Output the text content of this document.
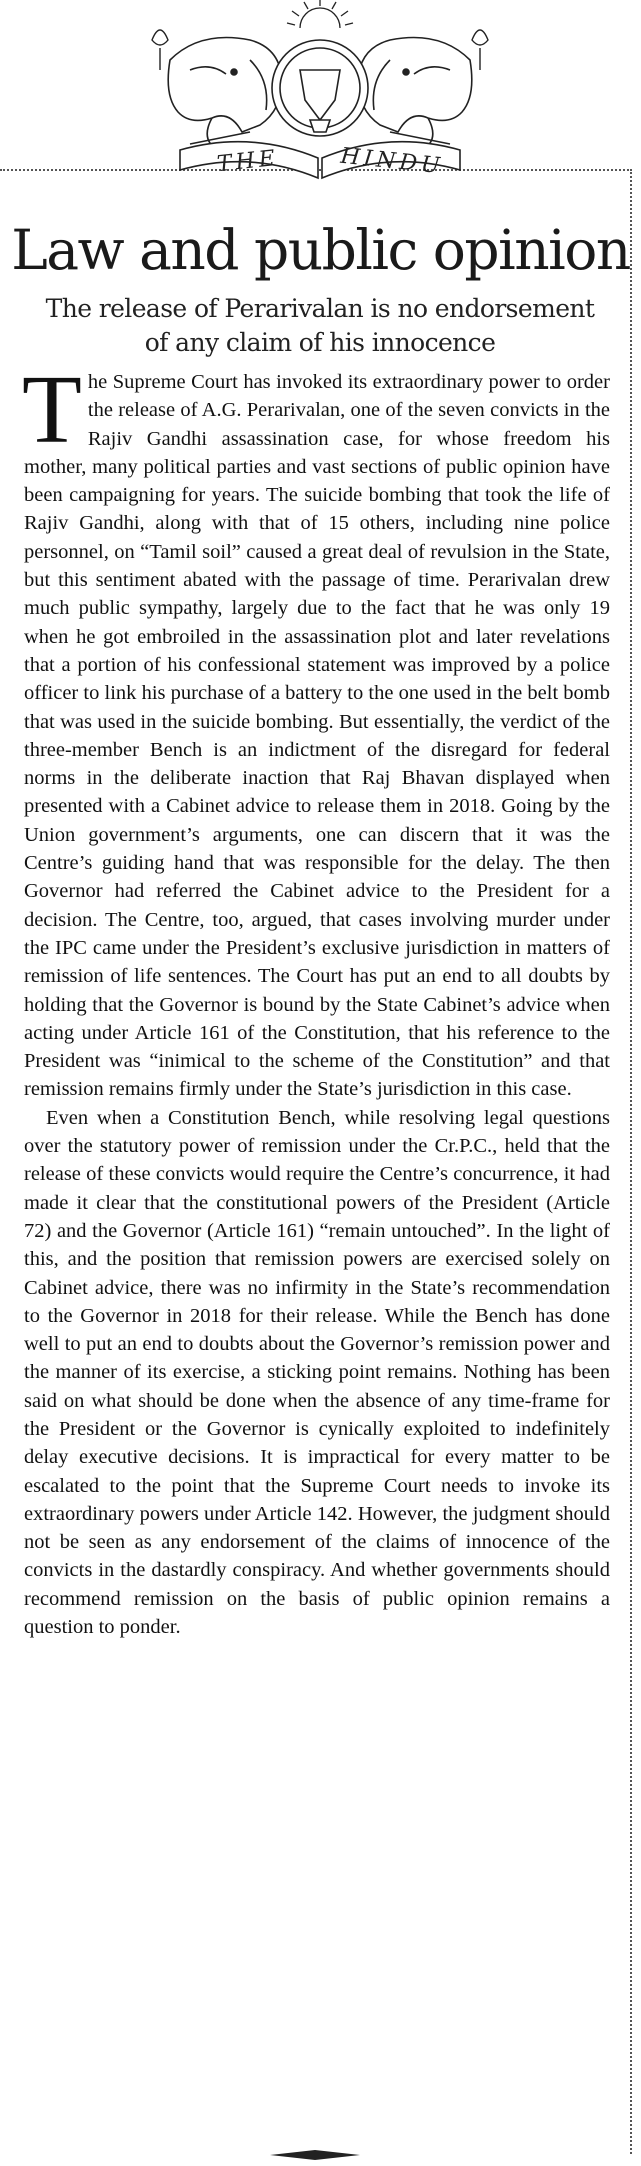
THE	HINDU
Law and public opinion

The release of Perarivalan is no endorsement of any claim of his innocence

The Supreme Court has invoked its extraordinary power to order the release of A.G. Perarivalan, one of the seven convicts in the Rajiv Gandhi assassination case, for whose freedom his mother, many political parties and vast sections of public opinion have been campaigning for years. The suicide bombing that took the life of Rajiv Gandhi, along with that of 15 others, including nine police personnel, on “Tamil soil” caused a great deal of revulsion in the State, but this sentiment abated with the passage of time. Perarivalan drew much public sympathy, largely due to the fact that he was only 19 when he got embroiled in the assassination plot and later revelations that a portion of his confessional statement was improved by a police officer to link his purchase of a battery to the one used in the belt bomb that was used in the suicide bombing. But essentially, the verdict of the three-member Bench is an indictment of the disregard for federal norms in the deliberate inaction that Raj Bhavan displayed when presented with a Cabinet advice to release them in 2018. Going by the Union government’s arguments, one can discern that it was the Centre’s guiding hand that was responsible for the delay. The then Governor had referred the Cabinet advice to the President for a decision. The Centre, too, argued, that cases involving murder under the IPC came under the President’s exclusive jurisdiction in matters of remission of life sentences. The Court has put an end to all doubts by holding that the Governor is bound by the State Cabinet’s advice when acting under Article 161 of the Constitution, that his reference to the President was “inimical to the scheme of the Constitution” and that remission remains firmly under the State’s jurisdiction in this case.

Even when a Constitution Bench, while resolving legal questions over the statutory power of remission under the Cr.P.C., held that the release of these convicts would require the Centre’s concurrence, it had made it clear that the constitutional powers of the President (Article 72) and the Governor (Article 161) “remain untouched”. In the light of this, and the position that remission powers are exercised solely on Cabinet advice, there was no infirmity in the State’s recommendation to the Governor in 2018 for their release. While the Bench has done well to put an end to doubts about the Governor’s remission power and the manner of its exercise, a sticking point remains. Nothing has been said on what should be done when the absence of any time-frame for the President or the Governor is cynically exploited to indefinitely delay executive decisions. It is impractical for every matter to be escalated to the point that the Supreme Court needs to invoke its extraordinary powers under Article 142. However, the judgment should not be seen as any endorsement of the claims of innocence of the convicts in the dastardly conspiracy. And whether governments should recommend remission on the basis of public opinion remains a question to ponder.
